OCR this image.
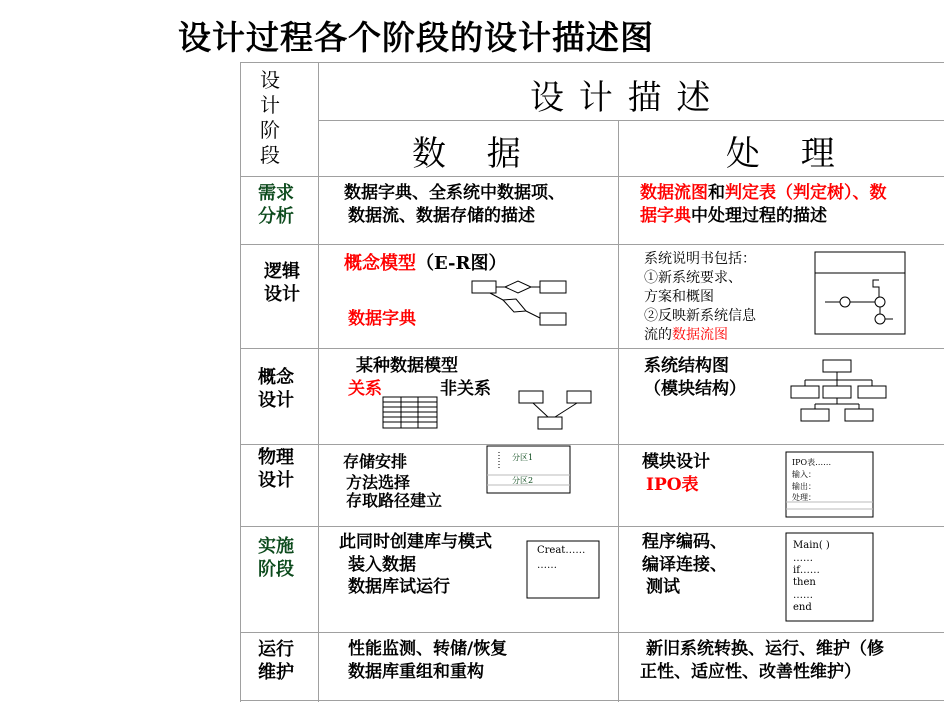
设计过程各个阶段的设计描述图
设计阶段
设 计 描 述
数 据	处 理
需求分析
数据字典、全系统中数据项、
数据流、数据存储的描述
数据流图和判定表（判定树）、数
据字典中处理过程的描述
逻辑设计
概念模型（E-R图）
数据字典
系统说明书包括：
①新系统要求、
方案和概图
②反映新系统信息
流的数据流图
概念设计
某种数据模型
关系	非关系
系统结构图
（模块结构）
物理设计
存储安排
方法选择
存取路径建立
分区1
分区2
模块设计
IPO表
IPO表……
输入：
输出：
处理：
实施阶段
此同时创建库与模式
装入数据
数据库试运行
Creat……
……
程序编码、
编译连接、
测试
Main( )
……
if……
then
……
end
运行维护
性能监测、转储/恢复
数据库重组和重构
新旧系统转换、运行、维护（修
正性、适应性、改善性维护）
